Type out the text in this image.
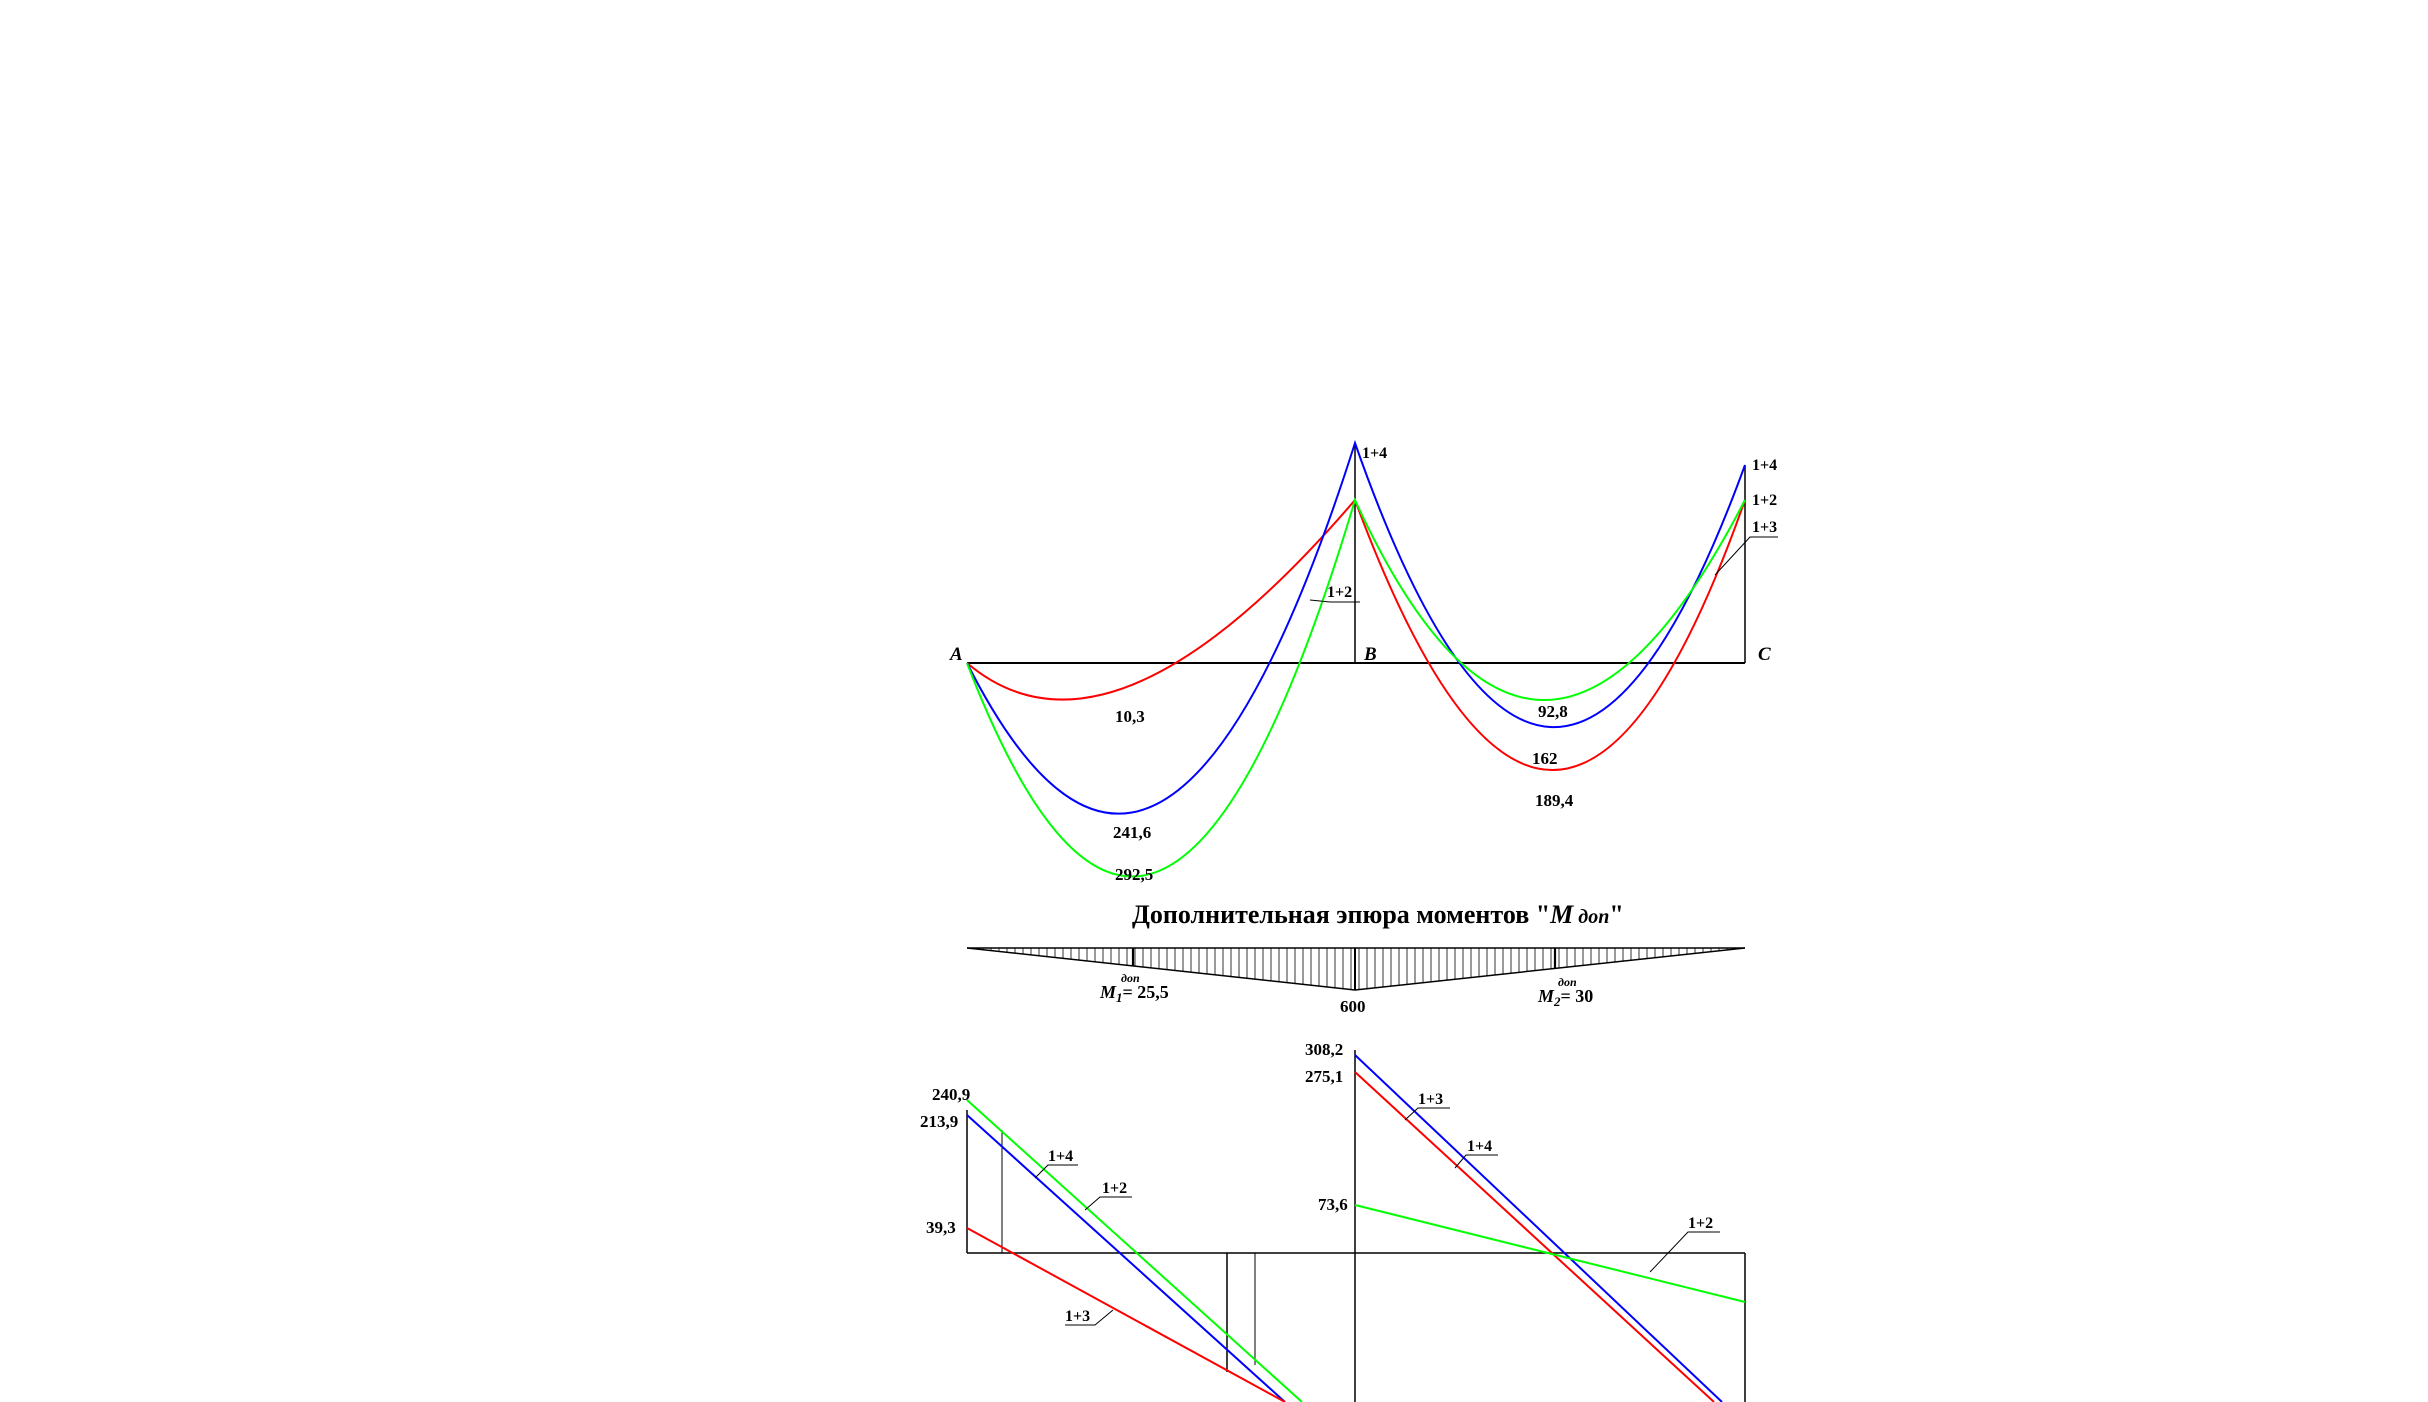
A	B	C
1+4
1+4
1+2
1+3
1+2
10,3
241,6
292,5
92,8
162
189,4
Дополнительная эпюра моментов "М доп"
$М_1= 25,5$
доп
600
$М_2= 30$
доп
240,9
213,9
39,3
308,2
275,1
73,6
1+4
1+2
1+3
1+3
1+4
1+2
